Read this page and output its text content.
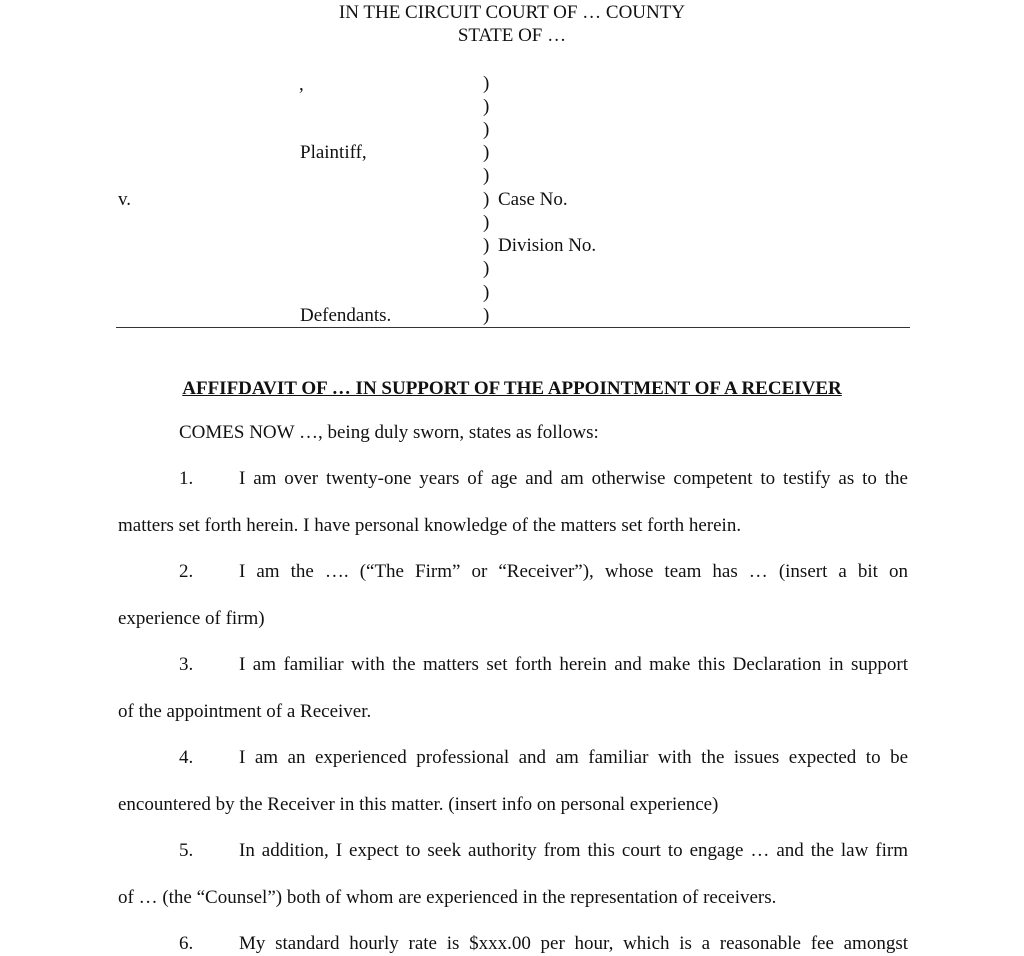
IN THE CIRCUIT COURT OF … COUNTY
STATE OF …
,
Plaintiff,
v.
Defendants.
)
)
)
)
)
)
)
)
)
)
)
Case No.
Division No.
AFFIFDAVIT OF … IN SUPPORT OF THE APPOINTMENT OF A RECEIVER
COMES NOW …, being duly sworn, states as follows:
1. I am over twenty-one years of age and am otherwise competent to testify as to the
matters set forth herein. I have personal knowledge of the matters set forth herein.
2. I am the …. (“The Firm” or “Receiver”), whose team has … (insert a bit on
experience of firm)
3. I am familiar with the matters set forth herein and make this Declaration in support
of the appointment of a Receiver.
4. I am an experienced professional and am familiar with the issues expected to be
encountered by the Receiver in this matter. (insert info on personal experience)
5. In addition, I expect to seek authority from this court to engage … and the law firm
of … (the “Counsel”) both of whom are experienced in the representation of receivers.
6. My standard hourly rate is $xxx.00 per hour, which is a reasonable fee amongst
